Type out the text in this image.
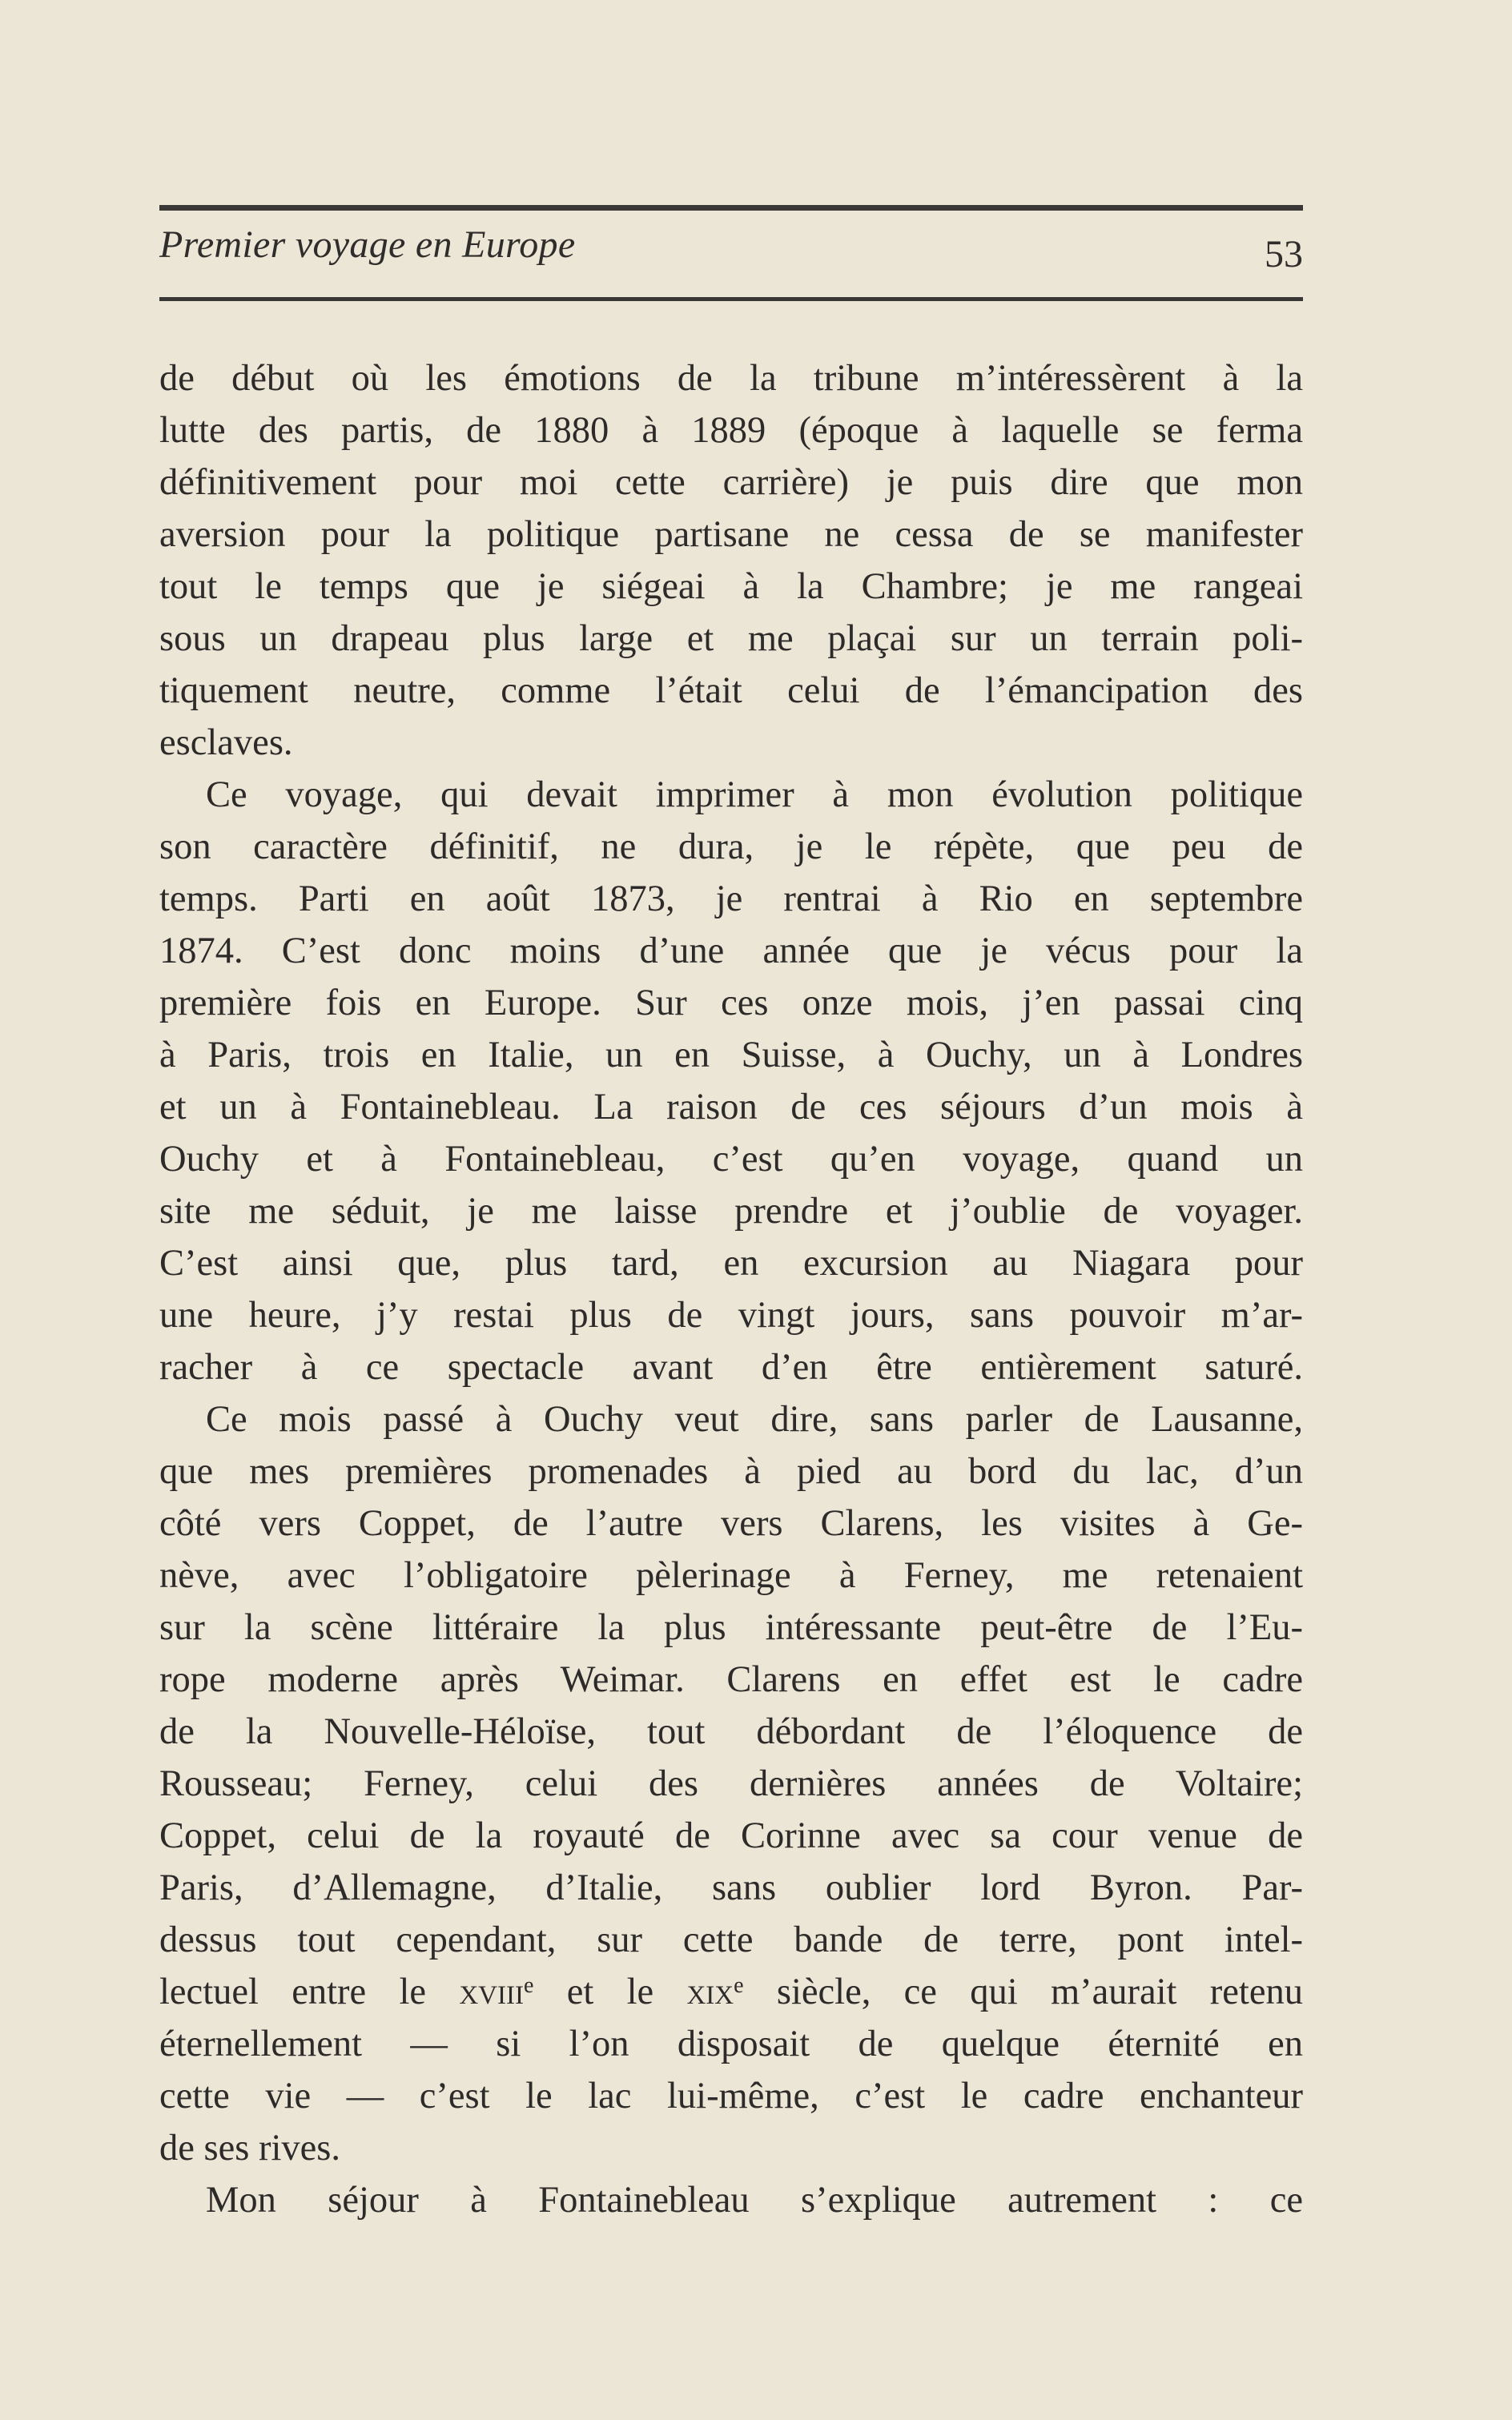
Premier voyage en Europe	53
de début où les émotions de la tribune m’intéressèrent à la
lutte des partis, de 1880 à 1889 (époque à laquelle se ferma
définitivement pour moi cette carrière) je puis dire que mon
aversion pour la politique partisane ne cessa de se manifester
tout le temps que je siégeai à la Chambre; je me rangeai
sous un drapeau plus large et me plaçai sur un terrain poli-
tiquement neutre, comme l’était celui de l’émancipation des
esclaves.
Ce voyage, qui devait imprimer à mon évolution politique
son caractère définitif, ne dura, je le répète, que peu de
temps. Parti en août 1873, je rentrai à Rio en septembre
1874. C’est donc moins d’une année que je vécus pour la
première fois en Europe. Sur ces onze mois, j’en passai cinq
à Paris, trois en Italie, un en Suisse, à Ouchy, un à Londres
et un à Fontainebleau. La raison de ces séjours d’un mois à
Ouchy et à Fontainebleau, c’est qu’en voyage, quand un
site me séduit, je me laisse prendre et j’oublie de voyager.
C’est ainsi que, plus tard, en excursion au Niagara pour
une heure, j’y restai plus de vingt jours, sans pouvoir m’ar-
racher à ce spectacle avant d’en être entièrement saturé.
Ce mois passé à Ouchy veut dire, sans parler de Lausanne,
que mes premières promenades à pied au bord du lac, d’un
côté vers Coppet, de l’autre vers Clarens, les visites à Ge-
nève, avec l’obligatoire pèlerinage à Ferney, me retenaient
sur la scène littéraire la plus intéressante peut-être de l’Eu-
rope moderne après Weimar. Clarens en effet est le cadre
de la Nouvelle-Héloïse, tout débordant de l’éloquence de
Rousseau; Ferney, celui des dernières années de Voltaire;
Coppet, celui de la royauté de Corinne avec sa cour venue de
Paris, d’Allemagne, d’Italie, sans oublier lord Byron. Par-
dessus tout cependant, sur cette bande de terre, pont intel-
lectuel entre le xviii$^e$ et le xix$^e$ siècle, ce qui m’aurait retenu
éternellement — si l’on disposait de quelque éternité en
cette vie — c’est le lac lui-même, c’est le cadre enchanteur
de ses rives.
Mon séjour à Fontainebleau s’explique autrement : ce
